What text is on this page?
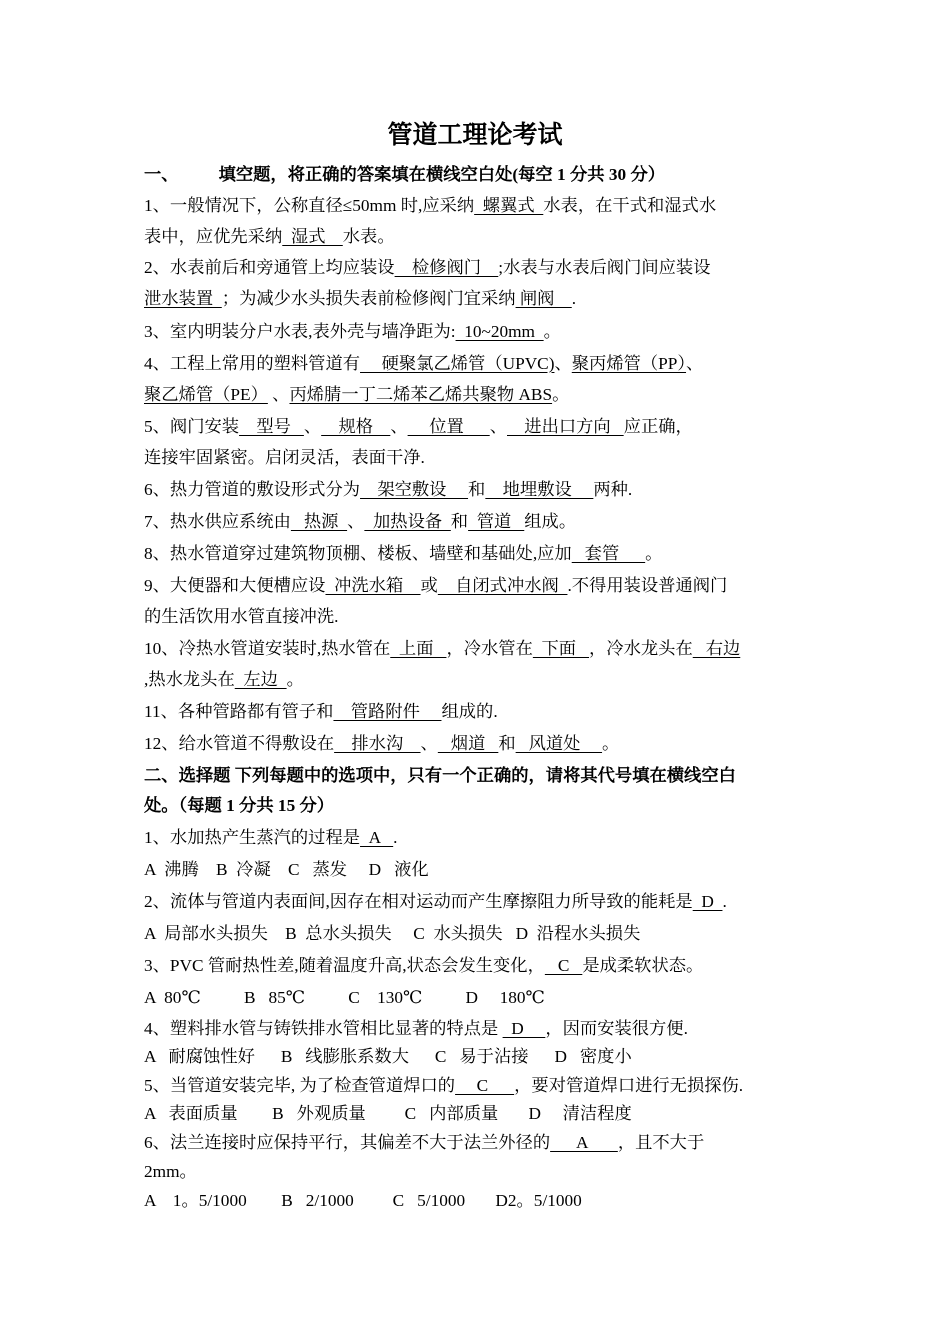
管道工理论考试
一、 填空题，将正确的答案填在横线空白处(每空 1 分共 30 分）
1、一般情况下，公称直径≤50mm 时,应采纳  螺翼式  水表，在干式和湿式水
表中，应优先采纳  湿式    水表。
2、水表前后和旁通管上均应装设    检修阀门    ;水表与水表后阀门间应装设
泄水装置  ；为减少水头损失表前检修阀门宜采纳 闸阀    .
3、室内明装分户水表,表外壳与墙净距为:  10~20mm  。
4、工程上常用的塑料管道有     硬聚氯乙烯管（UPVC)、聚丙烯管（PP）、
聚乙烯管（PE） 、丙烯腈一丁二烯苯乙烯共聚物 ABS。
5、阀门安装    型号   、    规格    、     位置      、    进出口方向   应正确，
连接牢固紧密。启闭灵活，表面干净.
6、热力管道的敷设形式分为    架空敷设     和    地埋敷设     两种.
7、热水供应系统由   热源  、  加热设备  和  管道   组成。
8、热水管道穿过建筑物顶棚、楼板、墙壁和基础处,应加   套管      。
9、大便器和大便槽应设  冲洗水箱    或    自闭式冲水阀  .不得用装设普通阀门
的生活饮用水管直接冲洗.
10、冷热水管道安装时,热水管在  上面   ，冷水管在  下面   ，冷水龙头在   右边
,热水龙头在  左边  。
11、各种管路都有管子和    管路附件     组成的.
12、给水管道不得敷设在    排水沟    、   烟道   和   风道处     。
二、选择题 下列每题中的选项中，只有一个正确的，请将其代号填在横线空白
处。（每题 1 分共 15 分）
1、水加热产生蒸汽的过程是  A   .
A  沸腾    B  冷凝    C   蒸发     D   液化
2、流体与管道内表面间,因存在相对运动而产生摩擦阻力所导致的能耗是  D  .
A  局部水头损失    B  总水头损失     C  水头损失   D  沿程水头损失
3、PVC 管耐热性差,随着温度升高,状态会发生变化，   C   是成柔软状态。
A  80℃          B   85℃          C    130℃          D     180℃
4、塑料排水管与铸铁排水管相比显著的特点是   D     ，因而安装很方便.
A   耐腐蚀性好      B   线膨胀系数大      C   易于沾接      D   密度小
5、当管道安装完毕, 为了检查管道焊口的     C      ，要对管道焊口进行无损探伤.
A   表面质量        B   外观质量         C   内部质量       D     清洁程度
6、法兰连接时应保持平行，其偏差不大于法兰外径的      A       ，且不大于
2mm。
A    1。5/1000        B   2/1000         C   5/1000       D2。5/1000
